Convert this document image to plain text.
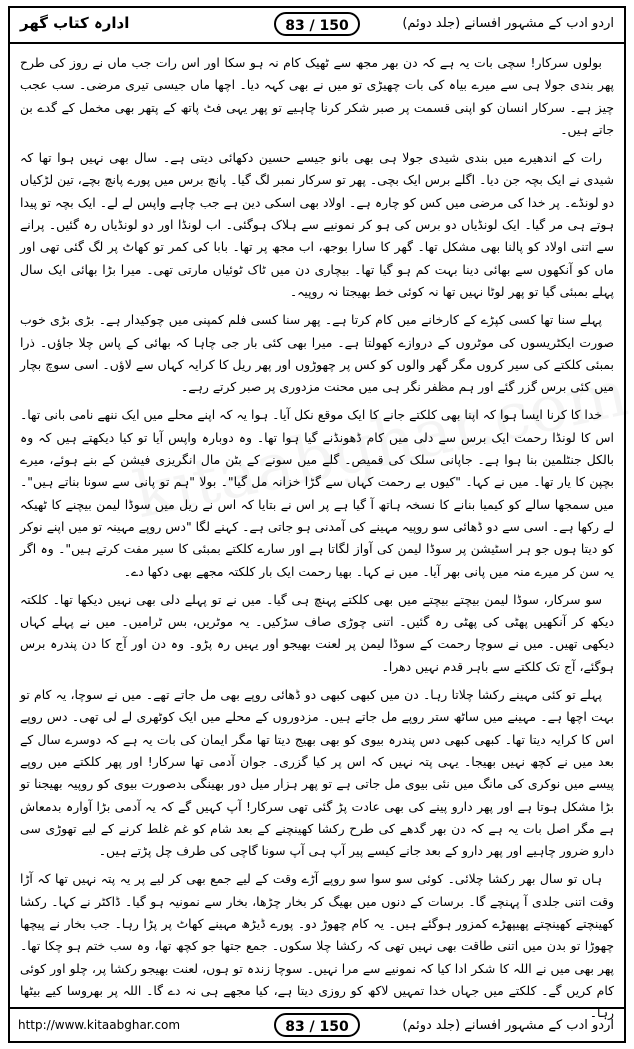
ادارہ کتاب گھر	83 / 150	اردو ادب کے مشہور افسانے (جلد دوئم)

بولوں سرکار! سچی بات یہ ہے کہ دن بھر مجھ سے ٹھیک کام نہ ہو سکا اور اس رات جب ماں نے روز کی طرح پھر بندی جولا ہی سے میرے بیاہ کی بات چھیڑی تو میں نے بھی کہہ دیا۔ اچھا ماں جیسی تیری مرضی۔ سب عجب چیز ہے۔ سرکار انسان کو اپنی قسمت پر صبر شکر کرنا چاہیے تو پھر یہی فٹ پاتھ کے پتھر بھی مخمل کے گدے بن جاتے ہیں۔

رات کے اندھیرے میں بندی شیدی جولا ہی بھی بانو جیسے حسین دکھائی دیتی ہے۔ سال بھی نہیں ہوا تھا کہ شیدی نے ایک بچہ جن دیا۔ اگلے برس ایک بچی۔ پھر تو سرکار نمبر لگ گیا۔ پانچ برس میں پورے پانچ بچے، تین لڑکیاں دو لونڈے۔ پر خدا کی مرضی میں کس کو چارہ ہے۔ اولاد بھی اسکی دین ہے جب چاہے واپس لے لے۔ ایک بچہ تو پیدا ہوتے ہی مر گیا۔ ایک لونڈیاں دو برس کی ہو کر نمونیے سے ہلاک ہوگئی۔ اب لونڈا اور دو لونڈیاں رہ گئیں۔ پرانے سے اتنی اولاد کو پالنا بھی مشکل تھا۔ گھر کا سارا بوجھ، اب مجھ پر تھا۔ بابا کی کمر تو کھاٹ پر لگ گئی تھی اور ماں کو آنکھوں سے بھائی دینا بہت کم ہو گیا تھا۔ بیچاری دن میں ٹاک ٹوئیاں مارتی تھی۔ میرا بڑا بھائی ایک سال پہلے بمبئی گیا تو پھر لوٹا نہیں تھا نہ کوئی خط بھیجتا نہ روپیہ۔

پہلے سنا تھا کسی کپڑے کے کارخانے میں کام کرتا ہے۔ پھر سنا کسی فلم کمپنی میں چوکیدار ہے۔ بڑی بڑی خوب صورت ایکٹریسوں کی موٹروں کے دروازے کھولتا ہے۔ میرا بھی کئی بار جی چاہا کہ بھائی کے پاس چلا جاؤں۔ ذرا بمبئی کلکتے کی سیر کروں مگر گھر والوں کو کس پر چھوڑوں اور پھر ریل کا کرایہ کہاں سے لاؤں۔ اسی سوچ بچار میں کئی برس گزر گئے اور ہم مظفر نگر ہی میں محنت مزدوری پر صبر کرتے رہے۔

خدا کا کرنا ایسا ہوا کہ اپنا بھی کلکتے جانے کا ایک موقع نکل آیا۔ ہوا یہ کہ اپنے محلے میں ایک ننھے نامی بانی تھا۔ اس کا لونڈا رحمت ایک برس سے دلی میں کام ڈھونڈنے گیا ہوا تھا۔ وہ دوبارہ واپس آیا تو کیا دیکھتے ہیں کہ وہ بالکل جنٹلمین بنا ہوا ہے۔ جاپانی سلک کی قمیص۔ گلے میں سونے کے بٹن مال انگریزی فیشن کے بنے ہوئے، میرے بچپن کا یار تھا۔ میں نے کہا۔ "کیوں بے رحمت کہاں سے گڑا خزانہ مل گیا"۔ بولا "ہم تو پانی سے سونا بناتے ہیں"۔ میں سمجھا سالے کو کیمیا بنانے کا نسخہ ہاتھ آ گیا ہے پر اس نے بتایا کہ اس نے ریل میں سوڈا لیمن بیچنے کا ٹھیکہ لے رکھا ہے۔ اسی سے دو ڈھائی سو روپیہ مہینے کی آمدنی ہو جاتی ہے۔ کہنے لگا "دس روپے مہینہ تو میں اپنے نوکر کو دیتا ہوں جو ہر اسٹیشن پر سوڈا لیمن کی آواز لگاتا ہے اور سارے کلکتے بمبئی کا سیر مفت کرتے ہیں"۔ وہ اگر یہ سن کر میرے منہ میں پانی بھر آیا۔ میں نے کہا۔ بھیا رحمت ایک بار کلکتہ مجھے بھی دکھا دے۔

سو سرکار، سوڈا لیمن بیچتے بیچتے میں بھی کلکتے پہنچ ہی گیا۔ میں نے تو پہلے دلی بھی نہیں دیکھا تھا۔ کلکتہ دیکھ کر آنکھیں پھٹی کی پھٹی رہ گئیں۔ اتنی چوڑی صاف سڑکیں۔ یہ موٹریں، بس ٹرامیں۔ میں نے پہلے کہاں دیکھی تھیں۔ میں نے سوچا رحمت کے سوڈا لیمن پر لعنت بھیجو اور یہیں رہ پڑو۔ وہ دن اور آج کا دن پندرہ برس ہوگئے، آج تک کلکتے سے باہر قدم نہیں دھرا۔

پہلے تو کئی مہینے رکشا چلاتا رہا۔ دن میں کبھی کبھی دو ڈھائی روپے بھی مل جاتے تھے۔ میں نے سوچا، یہ کام تو بہت اچھا ہے۔ مہینے میں ساٹھ ستر روپے مل جاتے ہیں۔ مزدوروں کے محلے میں ایک کوٹھری لے لی تھی۔ دس روپے اس کا کرایہ دیتا تھا۔ کبھی کبھی دس پندرہ بیوی کو بھی بھیج دیتا تھا مگر ایمان کی بات یہ ہے کہ دوسرے سال کے بعد میں نے کچھ نہیں بھیجا۔ یہی پتہ نہیں کہ اس پر کیا گزری۔ جوان آدمی تھا سرکار! اور پھر کلکتے میں روپے پیسے میں نوکری کی مانگ میں نئی بیوی مل جاتی ہے تو پھر ہزار میل دور بھینگی بدصورت بیوی کو روپیہ بھیجنا تو بڑا مشکل ہوتا ہے اور پھر دارو پینے کی بھی عادت پڑ گئی تھی سرکار! آپ کہیں گے کہ یہ آدمی بڑا آوارہ بدمعاش ہے مگر اصل بات یہ ہے کہ دن بھر گدھے کی طرح رکشا کھینچنے کے بعد شام کو غم غلط کرنے کے لیے تھوڑی سی دارو ضرور چاہیے اور پھر دارو کے بعد جانے کیسے پیر آپ ہی آپ سونا گاچی کی طرف چل پڑتے ہیں۔

ہاں تو سال بھر رکشا چلائی۔ کوئی سو سوا سو روپے آڑے وقت کے لیے جمع بھی کر لیے پر یہ پتہ نہیں تھا کہ آڑا وقت اتنی جلدی آ پہنچے گا۔ برسات کے دنوں میں بھیگ کر بخار چڑھا، بخار سے نمونیہ ہو گیا۔ ڈاکٹر نے کہا۔ رکشا کھینچتے کھینچتے پھیپھڑے کمزور ہوگئے ہیں۔ یہ کام چھوڑ دو۔ پورے ڈیڑھ مہینے کھاٹ پر پڑا رہا۔ جب بخار نے پیچھا چھوڑا تو بدن میں اتنی طاقت بھی نہیں تھی کہ رکشا چلا سکوں۔ جمع جتھا جو کچھ تھا، وہ سب ختم ہو چکا تھا۔ پھر بھی میں نے اللہ کا شکر ادا کیا کہ نمونیے سے مرا نہیں۔ سوچا زندہ تو ہوں، لعنت بھیجو رکشا پر، چلو اور کوئی کام کریں گے۔ کلکتے میں جہاں خدا تمہیں لاکھ کو روزی دیتا ہے، کیا مجھے ہی نہ دے گا۔ اللہ پر بھروسا کیے بیٹھا رہا۔

http://www.kitaabghar.com	83 / 150	اردو ادب کے مشہور افسانے (جلد دوئم)
